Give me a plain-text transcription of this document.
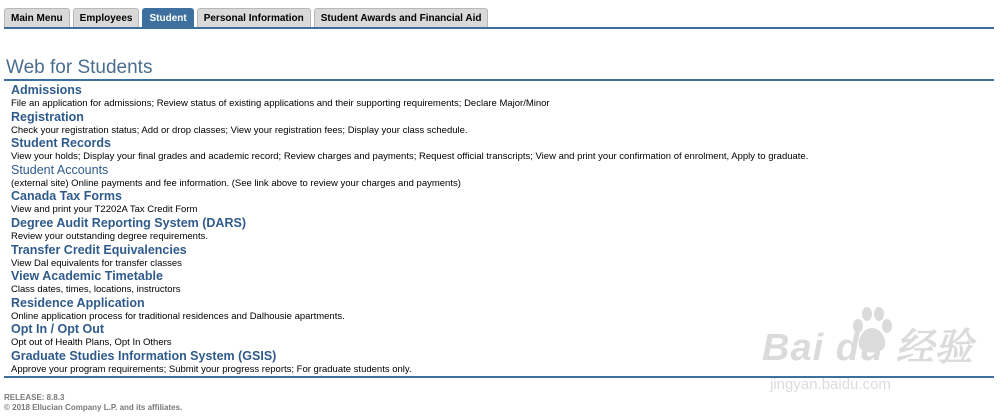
Main Menu	Employees	Student	Personal Information	Student Awards and Financial Aid
Web for Students
Admissions
File an application for admissions; Review status of existing applications and their supporting requirements; Declare Major/Minor
Registration
Check your registration status; Add or drop classes; View your registration fees; Display your class schedule.
Student Records
View your holds; Display your final grades and academic record; Review charges and payments; Request official transcripts; View and print your confirmation of enrolment, Apply to graduate.
Student Accounts
(external site) Online payments and fee information. (See link above to review your charges and payments)
Canada Tax Forms
View and print your T2202A Tax Credit Form
Degree Audit Reporting System (DARS)
Review your outstanding degree requirements.
Transfer Credit Equivalencies
View Dal equivalents for transfer classes
View Academic Timetable
Class dates, times, locations, instructors
Residence Application
Online application process for traditional residences and Dalhousie apartments.
Opt In / Opt Out
Opt out of Health Plans, Opt In Others
Graduate Studies Information System (GSIS)
Approve your program requirements; Submit your progress reports; For graduate students only.
RELEASE: 8.8.3
© 2018 Ellucian Company L.P. and its affiliates.
Bai du 经验
jingyan.baidu.com
